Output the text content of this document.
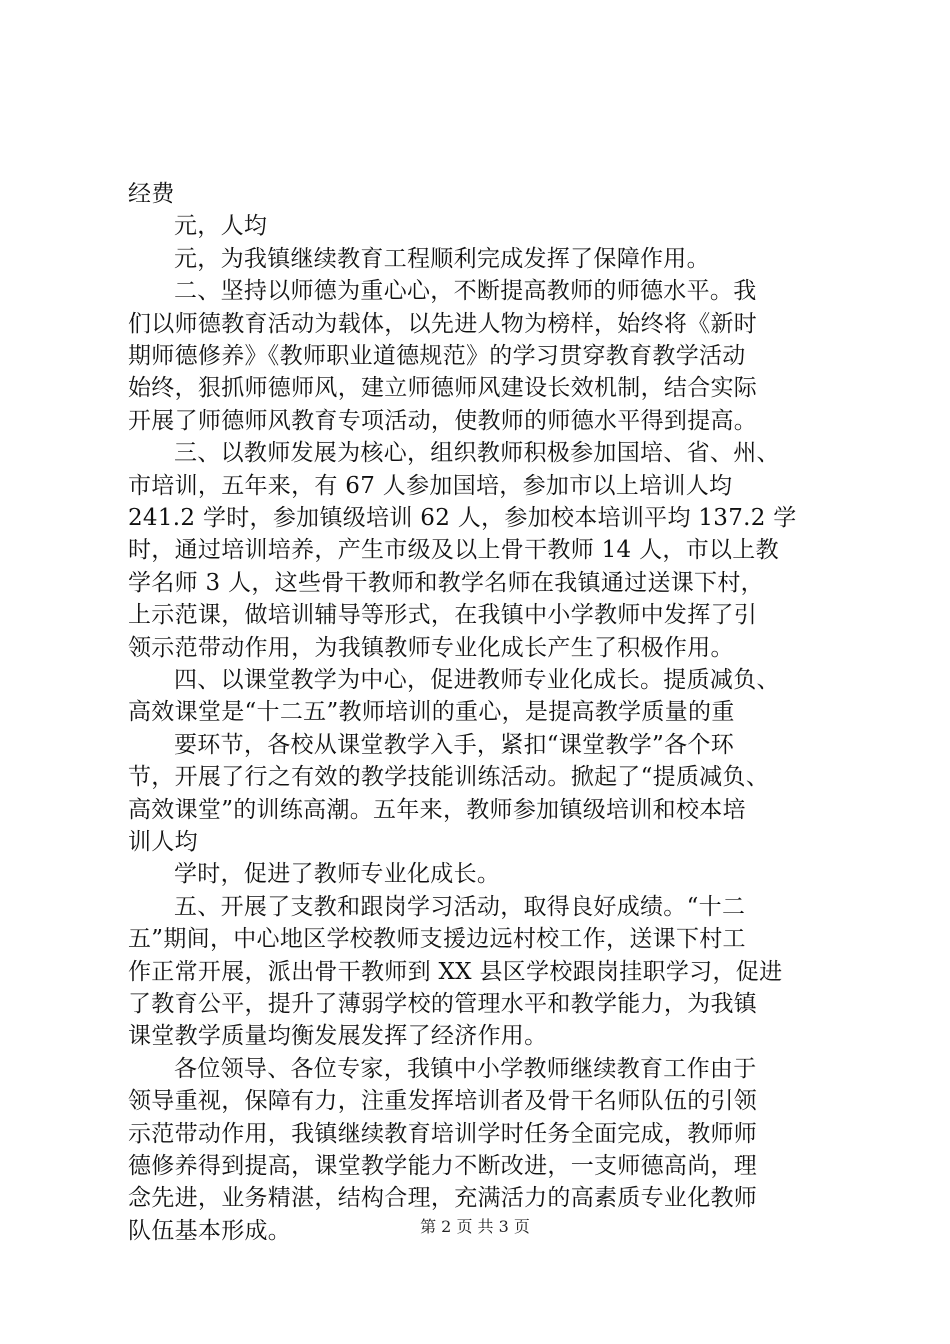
经费
元，人均
元，为我镇继续教育工程顺利完成发挥了保障作用。
二、坚持以师德为重心心，不断提高教师的师德水平。我
们以师德教育活动为载体，以先进人物为榜样，始终将《新时
期师德修养》《教师职业道德规范》的学习贯穿教育教学活动
始终，狠抓师德师风，建立师德师风建设长效机制，结合实际
开展了师德师风教育专项活动，使教师的师德水平得到提高。
三、以教师发展为核心，组织教师积极参加国培、省、州、
市培训，五年来，有 67 人参加国培，参加市以上培训人均
241.2 学时，参加镇级培训 62 人，参加校本培训平均 137.2 学
时，通过培训培养，产生市级及以上骨干教师 14 人，市以上教
学名师 3 人，这些骨干教师和教学名师在我镇通过送课下村，
上示范课，做培训辅导等形式，在我镇中小学教师中发挥了引
领示范带动作用，为我镇教师专业化成长产生了积极作用。
四、以课堂教学为中心，促进教师专业化成长。提质减负、
高效课堂是“十二五”教师培训的重心，是提高教学质量的重
要环节，各校从课堂教学入手，紧扣“课堂教学”各个环
节，开展了行之有效的教学技能训练活动。掀起了“提质减负、
高效课堂”的训练高潮。五年来，教师参加镇级培训和校本培
训人均
学时，促进了教师专业化成长。
五、开展了支教和跟岗学习活动，取得良好成绩。“十二
五”期间，中心地区学校教师支援边远村校工作，送课下村工
作正常开展，派出骨干教师到 XX 县区学校跟岗挂职学习，促进
了教育公平，提升了薄弱学校的管理水平和教学能力，为我镇
课堂教学质量均衡发展发挥了经济作用。
各位领导、各位专家，我镇中小学教师继续教育工作由于
领导重视，保障有力，注重发挥培训者及骨干名师队伍的引领
示范带动作用，我镇继续教育培训学时任务全面完成，教师师
德修养得到提高，课堂教学能力不断改进，一支师德高尚，理
念先进，业务精湛，结构合理，充满活力的高素质专业化教师
队伍基本形成。	第 2 页 共 3 页
